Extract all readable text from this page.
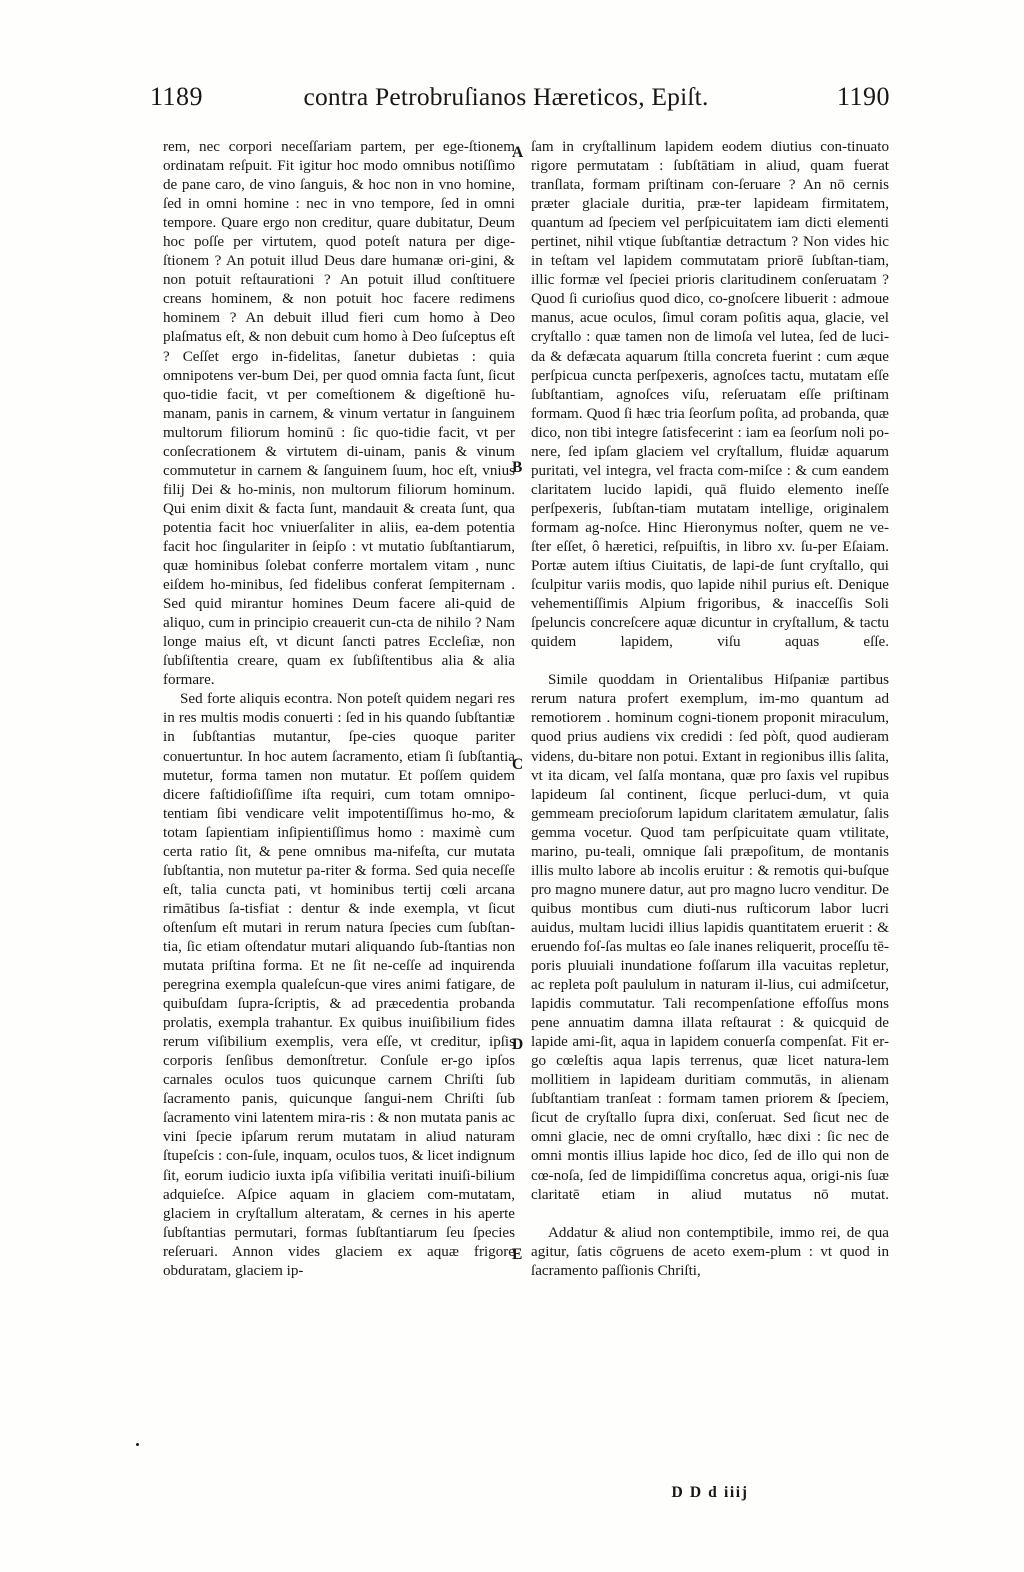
1189	contra Petrobruſianos Hæreticos, Epiſt.	1190

rem, nec corpori neceſſariam partem, per ege-ſtionem ordinatam reſpuit. Fit igitur hoc modo omnibus notiſſimo de pane caro, de vino ſanguis, & hoc non in vno homine, ſed in omni homine : nec in vno tempore, ſed in omni tempore. Quare ergo non creditur, quare dubitatur, Deum hoc poſſe per virtutem, quod poteſt natura per dige-ſtionem ? An potuit illud Deus dare humanæ ori-gini, & non potuit reſtaurationi ? An potuit illud conſtituere creans hominem, & non potuit hoc facere redimens hominem ? An debuit illud fieri cum homo à Deo plaſmatus eſt, & non debuit cum homo à Deo ſuſceptus eſt ? Ceſſet ergo in-fidelitas, ſanetur dubietas : quia omnipotens ver-bum Dei, per quod omnia facta ſunt, ſicut quo-tidie facit, vt per comeſtionem & digeſtionē hu-manam, panis in carnem, & vinum vertatur in ſanguinem multorum filiorum hominū : ſic quo-tidie facit, vt per conſecrationem & virtutem di-uinam, panis & vinum commutetur in carnem & ſanguinem ſuum, hoc eſt, vnius filij Dei & ho-minis, non multorum filiorum hominum. Qui enim dixit & facta ſunt, mandauit & creata ſunt, qua potentia facit hoc vniuerſaliter in aliis, ea-dem potentia facit hoc ſingulariter in ſeipſo : vt mutatio ſubſtantiarum, quæ hominibus ſolebat conferre mortalem vitam , nunc eiſdem ho-minibus, ſed fidelibus conferat ſempiternam . Sed quid mirantur homines Deum facere ali-quid de aliquo, cum in principio creauerit cun-cta de nihilo ? Nam longe maius eſt, vt dicunt ſancti patres Eccleſiæ, non ſubſiſtentia creare, quam ex ſubſiſtentibus alia & alia formare.

Sed forte aliquis econtra. Non poteſt quidem negari res in res multis modis conuerti : ſed in his quando ſubſtantiæ in ſubſtantias mutantur, ſpe-cies quoque pariter conuertuntur. In hoc autem ſacramento, etiam ſi ſubſtantia mutetur, forma tamen non mutatur. Et poſſem quidem dicere faſtidioſiſſime iſta requiri, cum totam omnipo-tentiam ſibi vendicare velit impotentiſſimus ho-mo, & totam ſapientiam inſipientiſſimus homo : maximè cum certa ratio ſit, & pene omnibus ma-nifeſta, cur mutata ſubſtantia, non mutetur pa-riter & forma. Sed quia neceſſe eſt, talia cuncta pati, vt hominibus tertij cœli arcana rimātibus ſa-tisfiat : dentur & inde exempla, vt ſicut oſtenſum eſt mutari in rerum natura ſpecies cum ſubſtan-tia, ſic etiam oſtendatur mutari aliquando ſub-ſtantias non mutata priſtina forma. Et ne ſit ne-ceſſe ad inquirenda peregrina exempla qualeſcun-que vires animi fatigare, de quibuſdam ſupra-ſcriptis, & ad præcedentia probanda prolatis, exempla trahantur. Ex quibus inuiſibilium fides rerum viſibilium exemplis, vera eſſe, vt creditur, ipſis corporis ſenſibus demonſtretur. Conſule er-go ipſos carnales oculos tuos quicunque carnem Chriſti ſub ſacramento panis, quicunque ſangui-nem Chriſti ſub ſacramento vini latentem mira-ris : & non mutata panis ac vini ſpecie ipſarum rerum mutatam in aliud naturam ſtupeſcis : con-ſule, inquam, oculos tuos, & licet indignum ſit, eorum iudicio iuxta ipſa viſibilia veritati inuiſi-bilium adquieſce. Aſpice aquam in glaciem com-mutatam, glaciem in cryſtallum alteratam, & cernes in his aperte ſubſtantias permutari, formas ſubſtantiarum ſeu ſpecies reſeruari. Annon vides glaciem ex aquæ frigore obduratam, glaciem ip-

ſam in cryſtallinum lapidem eodem diutius con-tinuato rigore permutatam : ſubſtātiam in aliud, quam fuerat tranſlata, formam priſtinam con-ſeruare ? An nō cernis præter glaciale duritia, præ-ter lapideam firmitatem, quantum ad ſpeciem vel perſpicuitatem iam dicti elementi pertinet, nihil vtique ſubſtantiæ detractum ? Non vides hic in teſtam vel lapidem commutatam priorē ſubſtan-tiam, illic formæ vel ſpeciei prioris claritudinem conſeruatam ? Quod ſi curioſius quod dico, co-gnoſcere libuerit : admoue manus, acue oculos, ſimul coram poſitis aqua, glacie, vel cryſtallo : quæ tamen non de limoſa vel lutea, ſed de luci-da & defæcata aquarum ſtilla concreta fuerint : cum æque perſpicua cuncta perſpexeris, agnoſces tactu, mutatam eſſe ſubſtantiam, agnoſces viſu, reſeruatam eſſe priſtinam formam. Quod ſi hæc tria ſeorſum poſita, ad probanda, quæ dico, non tibi integre ſatisfecerint : iam ea ſeorſum noli po-nere, ſed ipſam glaciem vel cryſtallum, fluidæ aquarum puritati, vel integra, vel fracta com-miſce : & cum eandem claritatem lucido lapidi, quā fluido elemento ineſſe perſpexeris, ſubſtan-tiam mutatam intellige, originalem formam ag-noſce. Hinc Hieronymus noſter, quem ne ve-ſter eſſet, ô hæretici, reſpuiſtis, in libro xv. ſu-per Eſaiam. Portæ autem iſtius Ciuitatis, de lapi-de ſunt cryſtallo, qui ſculpitur variis modis, quo lapide nihil purius eſt. Denique vehementiſſimis Alpium frigoribus, & inacceſſis Soli ſpeluncis concreſcere aquæ dicuntur in cryſtallum, & tactu quidem lapidem, viſu aquas eſſe.

Simile quoddam in Orientalibus Hiſpaniæ partibus rerum natura profert exemplum, im-mo quantum ad remotiorem . hominum cogni-tionem proponit miraculum, quod prius audiens vix credidi : ſed pòſt, quod audieram videns, du-bitare non potui. Extant in regionibus illis ſalita, vt ita dicam, vel ſalſa montana, quæ pro ſaxis vel rupibus lapideum ſal continent, ſicque perluci-dum, vt quia gemmeam precioſorum lapidum claritatem æmulatur, ſalis gemma vocetur. Quod tam perſpicuitate quam vtilitate, marino, pu-teali, omnique ſali præpoſitum, de montanis illis multo labore ab incolis eruitur : & remotis qui-buſque pro magno munere datur, aut pro magno lucro venditur. De quibus montibus cum diuti-nus ruſticorum labor lucri auidus, multam lucidi illius lapidis quantitatem eruerit : & eruendo foſ-ſas multas eo ſale inanes reliquerit, proceſſu tē-poris pluuiali inundatione foſſarum illa vacuitas repletur, ac repleta poſt paululum in naturam il-lius, cui admiſcetur, lapidis commutatur. Tali recompenſatione effoſſus mons pene annuatim damna illata reſtaurat : & quicquid de lapide ami-ſit, aqua in lapidem conuerſa compenſat. Fit er-go cœleſtis aqua lapis terrenus, quæ licet natura-lem mollitiem in lapideam duritiam commutās, in alienam ſubſtantiam tranſeat : formam tamen priorem & ſpeciem, ſicut de cryſtallo ſupra dixi, conſeruat. Sed ſicut nec de omni glacie, nec de omni cryſtallo, hæc dixi : ſic nec de omni montis illius lapide hoc dico, ſed de illo qui non de cœ-noſa, ſed de limpidiſſima concretus aqua, origi-nis ſuæ claritatē etiam in aliud mutatus nō mutat.

Addatur & aliud non contemptibile, immo rei, de qua agitur, ſatis cōgruens de aceto exem-plum : vt quod in ſacramento paſſionis Chriſti,

A
B
C
D
E
D D d iiij
